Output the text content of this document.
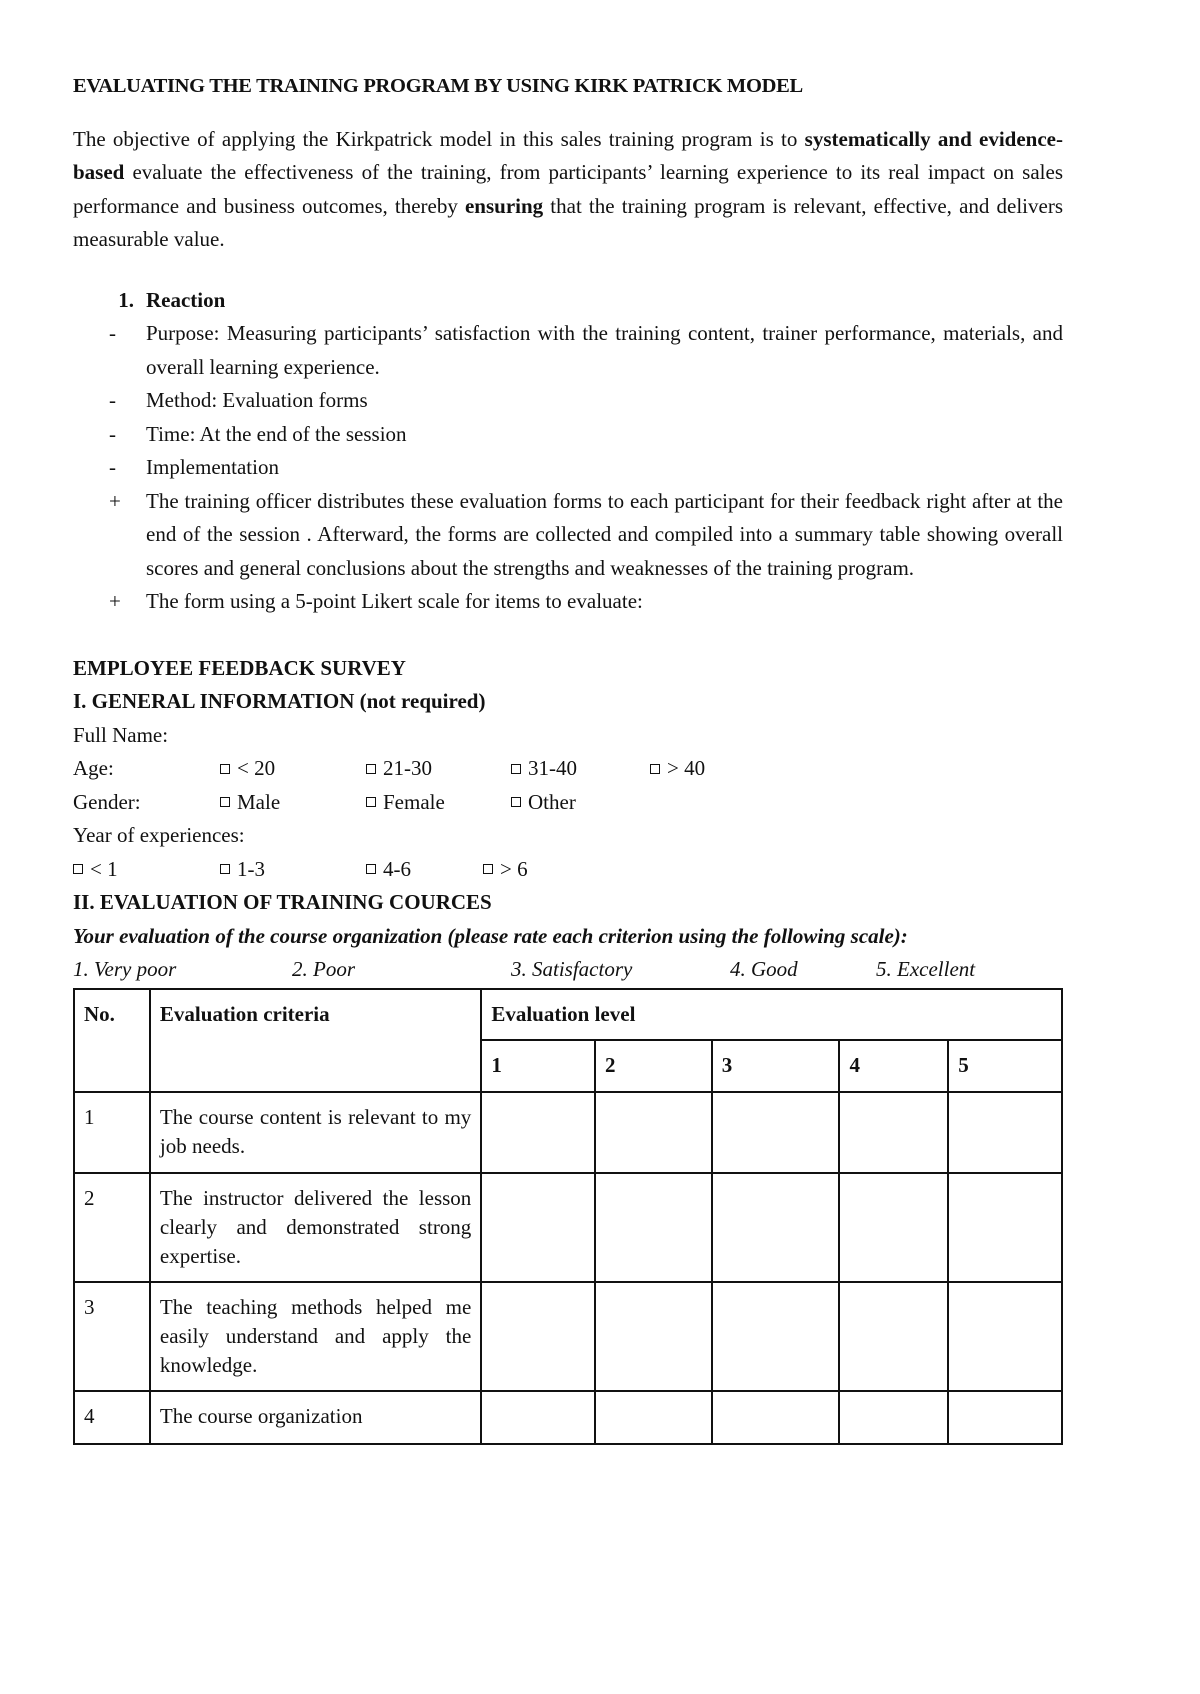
EVALUATING THE TRAINING PROGRAM BY USING KIRK PATRICK MODEL
The objective of applying the Kirkpatrick model in this sales training program is to systematically and evidence-based evaluate the effectiveness of the training, from participants’ learning experience to its real impact on sales performance and business outcomes, thereby ensuring that the training program is relevant, effective, and delivers measurable value.
1. Reaction
-	Purpose: Measuring participants’ satisfaction with the training content, trainer performance, materials, and overall learning experience.
-	Method: Evaluation forms
-	Time: At the end of the session
-	Implementation
+	The training officer distributes these evaluation forms to each participant for their feedback right after at the end of the session . Afterward, the forms are collected and compiled into a summary table showing overall scores and general conclusions about the strengths and weaknesses of the training program.
+	The form using a 5-point Likert scale for items to evaluate:
EMPLOYEE FEEDBACK SURVEY
I. GENERAL INFORMATION (not required)
Full Name:
Age:	< 20	21-30	31-40	> 40
Gender:	Male	Female	Other
Year of experiences:
< 1	1-3	4-6	> 6
II. EVALUATION OF TRAINING COURCES
Your evaluation of the course organization (please rate each criterion using the following scale):
1. Very poor	2. Poor	3. Satisfactory	4. Good	5. Excellent
No.	Evaluation criteria	Evaluation level				
		1	2	3	4	5
1	The course content is relevant to my job needs.					
2	The instructor delivered the lesson clearly and demonstrated strong expertise.					
3	The teaching methods helped me easily understand and apply the knowledge.					
4	The course organization					
